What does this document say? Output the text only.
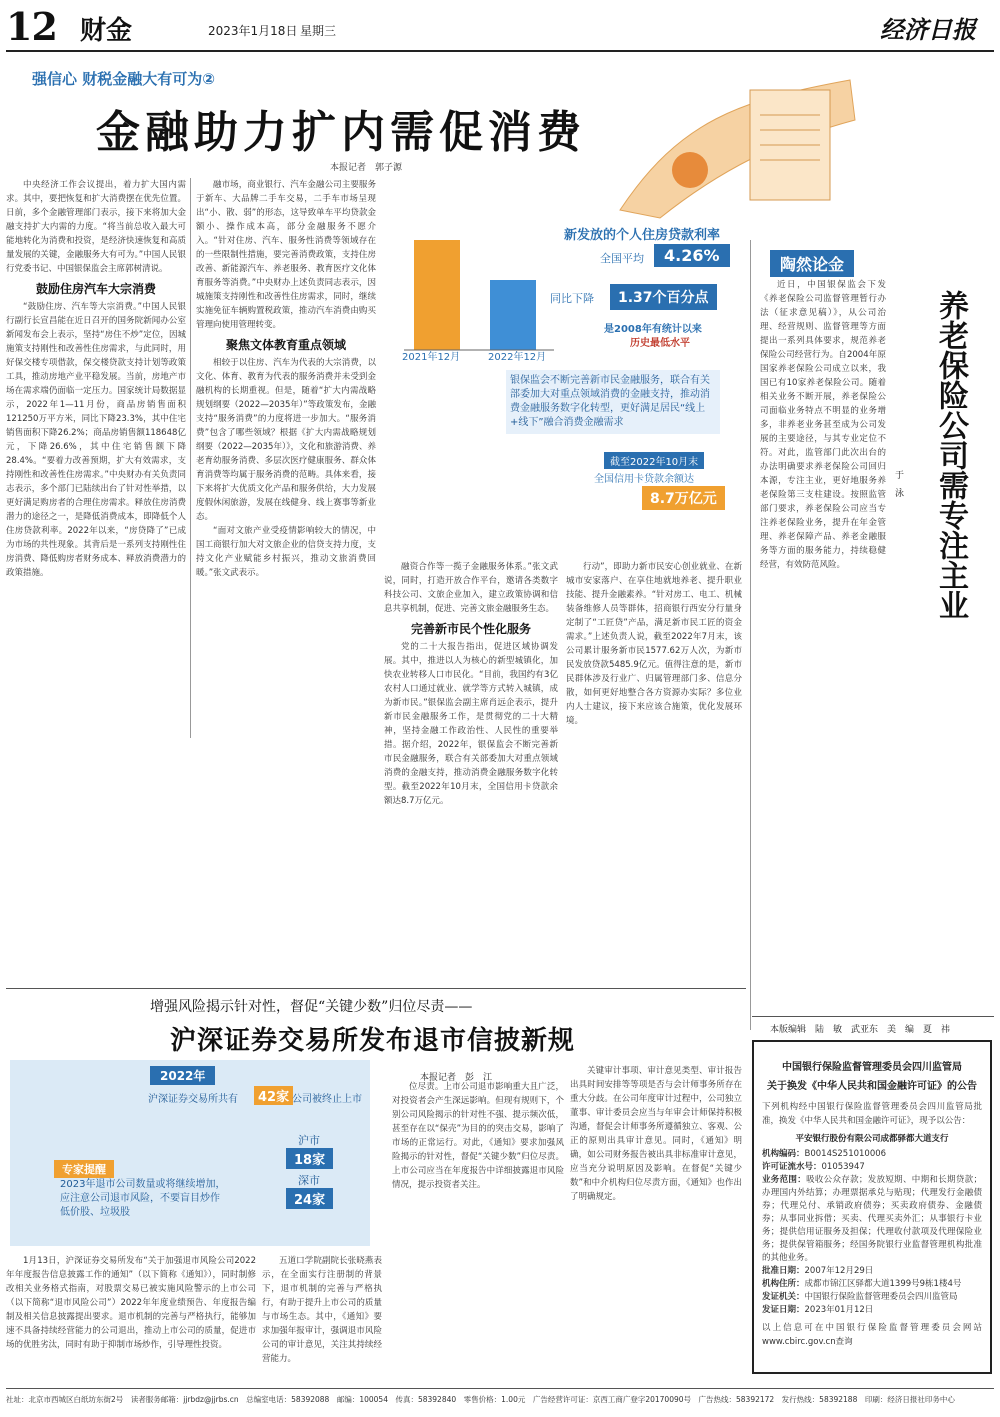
12 财金	2023年1月18日 星期三	经济日报
强信心 财税金融大有可为②
金融助力扩内需促消费
本报记者　郭子源

中央经济工作会议提出，着力扩大国内需求。其中，要把恢复和扩大消费摆在优先位置。日前，多个金融管理部门表示，接下来将加大金融支持扩大内需的力度。“将当前总收入最大可能地转化为消费和投资，是经济快速恢复和高质量发展的关键，金融服务大有可为。”中国人民银行党委书记、中国银保监会主席郭树清说。

鼓励住房汽车大宗消费

“鼓励住房、汽车等大宗消费。”中国人民银行副行长宣昌能在近日召开的国务院新闻办公室新闻发布会上表示，坚持“房住不炒”定位，因城施策支持刚性和改善性住房需求，与此同时，用好保交楼专项借款，保交楼贷款支持计划等政策工具，推动房地产业平稳发展。当前，房地产市场在需求端仍面临一定压力。国家统计局数据显示，2022年1—11月份，商品房销售面积121250万平方米，同比下降23.3%，其中住宅销售面积下降26.2%；商品房销售额118648亿元，下降26.6%，其中住宅销售额下降28.4%。“要着力改善预期，扩大有效需求，支持刚性和改善性住房需求。”中央财办有关负责同志表示，多个部门已陆续出台了针对性举措，以更好满足购房者的合理住房需求。释放住房消费潜力的途径之一，是降低消费成本，即降低个人住房贷款利率。2022年以来，“房贷降了”已成为市场的共性现象。其背后是一系列支持刚性住房消费、降低购房者财务成本、释放消费潜力的政策措施。

融市场，商业银行、汽车金融公司主要服务于新车、大品牌二手车交易，二手车市场呈现出“小、散、弱”的形态，这导致单车平均贷款金额小、操作成本高，部分金融服务不愿介入。“针对住房、汽车、服务性消费等领域存在的一些限制性措施，要完善消费政策，支持住房改善、新能源汽车、养老服务、教育医疗文化体育服务等消费。”中央财办上述负责同志表示，因城施策支持刚性和改善性住房需求，同时，继续实施免征车辆购置税政策，推动汽车消费由购买管理向使用管理转变。

聚焦文体教育重点领域

相较于以住房、汽车为代表的大宗消费，以文化、体育、教育为代表的服务消费并未受到金融机构的长期重视。但是，随着“扩大内需战略规划纲要（2022—2035年）”等政策发布，金融支持“服务消费”的力度将进一步加大。“服务消费”包含了哪些领域？根据《扩大内需战略规划纲要（2022—2035年）》，文化和旅游消费、养老育幼服务消费、多层次医疗健康服务、群众体育消费等均属于服务消费的范畴。具体来看，接下来将扩大优质文化产品和服务供给，大力发展度假休闲旅游，发展在线健身、线上赛事等新业态。

“面对文旅产业受疫情影响较大的情况，中国工商银行加大对文旅企业的信贷支持力度，支持文化产业赋能乡村振兴，推动文旅消费回暖。”张文武表示。

新发放的个人住房贷款利率
2021年12月	2022年12月
全国平均	4.26%
同比下降	1.37个百分点
是2008年有统计以来
历史最低水平
银保监会不断完善新市民金融服务，联合有关部委加大对重点领域消费的金融支持，推动消费金融服务数字化转型，更好满足居民“线上+线下”融合消费金融需求
截至2022年10月末
全国信用卡贷款余额达
8.7万亿元

融资合作等一揽子金融服务体系。”张文武说，同时，打造开放合作平台，邀请各类数字科技公司、文旅企业加入，建立政策协调和信息共享机制，促进、完善文旅金融服务生态。

完善新市民个性化服务

党的二十大报告指出，促进区域协调发展。其中，推进以人为核心的新型城镇化，加快农业转移人口市民化。“目前，我国约有3亿农村人口通过就业、就学等方式转入城镇，成为新市民。”银保监会副主席肖远企表示，提升新市民金融服务工作，是贯彻党的二十大精神，坚持金融工作政治性、人民性的重要举措。据介绍，2022年，银保监会不断完善新市民金融服务，联合有关部委加大对重点领域消费的金融支持，推动消费金融服务数字化转型。截至2022年10月末，全国信用卡贷款余额达8.7万亿元。

行动”，即助力新市民安心创业就业、在新城市安家落户、在享住地就地养老、提升职业技能、提升金融素养。“针对房工、电工、机械装备维修人员等群体，招商银行西安分行量身定制了“工匠贷”产品，满足新市民工匠的资金需求。”上述负责人说，截至2022年7月末，该公司累计服务新市民1577.62万人次，为新市民发放贷款5485.9亿元。值得注意的是，新市民群体涉及行业广、归属管理部门多、信息分散，如何更好地整合各方资源办实际？多位业内人士建议，接下来应该合施策，优化发展环境。

陶然论金
养老保险公司需专注主业
于　泳

近日，中国银保监会下发《养老保险公司监督管理暂行办法（征求意见稿）》，从公司治理、经营规则、监督管理等方面提出一系列具体要求，规范养老保险公司经营行为。自2004年原国家养老保险公司成立以来，我国已有10家养老保险公司。随着相关业务不断开展，养老保险公司面临业务特点不明显的业务增多，非养老业务甚至成为公司发展的主要途径，与其专业定位不符。对此，监管部门此次出台的办法明确要求养老保险公司回归本源，专注主业，更好地服务养老保险第三支柱建设。按照监管部门要求，养老保险公司应当专注养老保险业务，提升在年金管理、养老保障产品、养老金融服务等方面的服务能力，持续稳健经营，有效防范风险。

本版编辑　陆　敏　武亚东　美　编　夏　祎
增强风险揭示针对性，督促“关键少数”归位尽责——
沪深证券交易所发布退市信披新规
本报记者　彭　江
2022年
沪深证券交易所共有	42家 公司被终止上市
沪市
18家
深市
24家
专家提醒
2023年退市公司数量或将继续增加，应注意公司退市风险，不要盲目炒作低价股、垃圾股

1月13日，沪深证券交易所发布“关于加强退市风险公司2022年年度报告信息披露工作的通知”（以下简称《通知》），同时制修改相关业务格式指南，对股票交易已被实施风险警示的上市公司（以下简称“退市风险公司”）2022年年度业绩预告、年度报告编制及相关信息披露提出要求。退市机制的完善与严格执行，能够加速不具备持续经营能力的公司退出，推动上市公司的质量，促进市场的优胜劣汰，同时有助于抑制市场炒作，引导理性投资。

五道口学院副院长张晓燕表示，在全面实行注册制的背景下，退市机制的完善与严格执行，有助于提升上市公司的质量与市场生态。其中，《通知》要求加强年报审计，强调退市风险公司的审计意见，关注其持续经营能力。

位尽责。上市公司退市影响重大且广泛，对投资者会产生深远影响。但现有规则下，个别公司风险揭示的针对性不强、提示频次低，甚至存在以“保壳”为目的的突击交易，影响了市场的正常运行。对此，《通知》要求加强风险揭示的针对性，督促“关键少数”归位尽责。上市公司应当在年度报告中详细披露退市风险情况，提示投资者关注。

关键审计事项、审计意见类型、审计报告出具时间安排等等项是否与会计师事务所存在重大分歧。在公司年度审计过程中，公司独立董事、审计委员会应当与年审会计师保持积极沟通，督促会计师事务所遵循独立、客观、公正的原则出具审计意见。同时，《通知》明确，如公司财务报告被出具非标准审计意见，应当充分说明原因及影响。在督促“关键少数”和中介机构归位尽责方面，《通知》也作出了明确规定。

中国银行保险监督管理委员会四川监管局
关于换发《中华人民共和国金融许可证》的公告
下列机构经中国银行保险监督管理委员会四川监管局批准，换发《中华人民共和国金融许可证》，现予以公告：
平安银行股份有限公司成都驿都大道支行
机构编码：B0014S251010006
许可证流水号：01053947
业务范围：吸收公众存款；发放短期、中期和长期贷款；办理国内外结算；办理票据承兑与贴现；代理发行金融债券；代理兑付、承销政府债券；买卖政府债券、金融债券；从事同业拆借；买卖、代理买卖外汇；从事银行卡业务；提供信用证服务及担保；代理收付款项及代理保险业务；提供保管箱服务；经国务院银行业监督管理机构批准的其他业务。
批准日期：2007年12月29日
机构住所：成都市锦江区驿都大道1399号9栋1楼4号
发证机关：中国银行保险监督管理委员会四川监管局
发证日期：2023年01月12日
以上信息可在中国银行保险监督管理委员会网站www.cbirc.gov.cn查询
社址：北京市西城区白纸坊东街2号　读者服务邮箱：jjrbdz@jjrbs.cn　总编室电话：58392088　邮编：100054　传真：58392840　零售价格：1.00元　广告经营许可证：京西工商广登字20170090号　广告热线：58392172　发行热线：58392188　印刷：经济日报社印务中心
